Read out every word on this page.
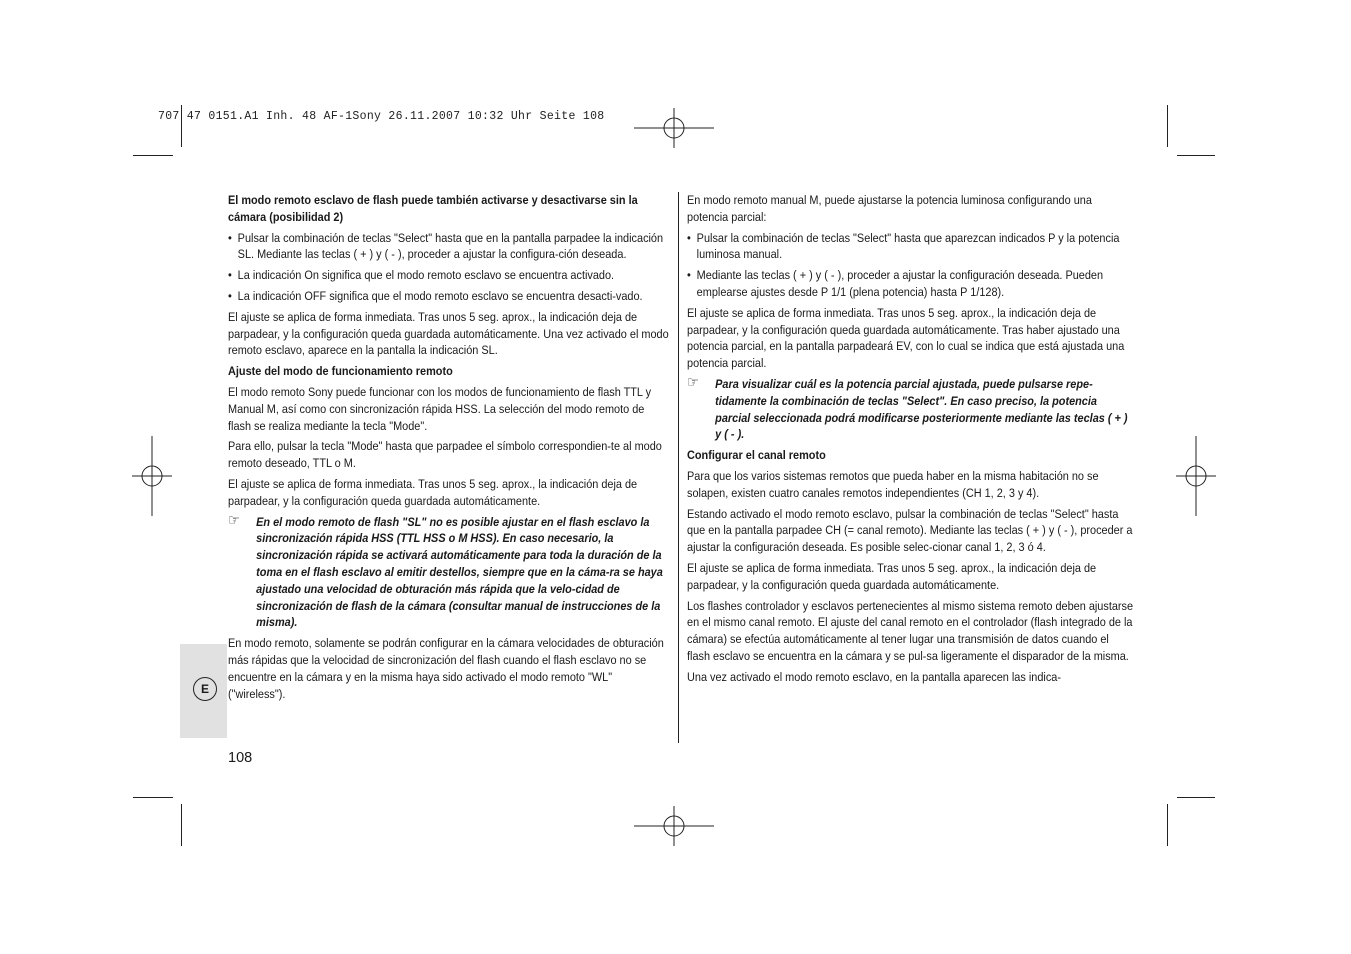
707 47 0151.A1 Inh. 48 AF-1Sony 26.11.2007 10:32 Uhr Seite 108
E

El modo remoto esclavo de flash puede también activarse y desactivarse sin la cámara (posibilidad 2)

• Pulsar la combinación de teclas "Select" hasta que en la pantalla parpadee la indicación SL. Mediante las teclas ( + ) y ( - ), proceder a ajustar la configura-ción deseada.

• La indicación On significa que el modo remoto esclavo se encuentra activado.

• La indicación OFF significa que el modo remoto esclavo se encuentra desacti-vado.

El ajuste se aplica de forma inmediata. Tras unos 5 seg. aprox., la indicación deja de parpadear, y la configuración queda guardada automáticamente. Una vez activado el modo remoto esclavo, aparece en la pantalla la indicación SL.

Ajuste del modo de funcionamiento remoto

El modo remoto Sony puede funcionar con los modos de funcionamiento de flash TTL y Manual M, así como con sincronización rápida HSS. La selección del modo remoto de flash se realiza mediante la tecla "Mode".

Para ello, pulsar la tecla "Mode" hasta que parpadee el símbolo correspondien-te al modo remoto deseado, TTL o M.

El ajuste se aplica de forma inmediata. Tras unos 5 seg. aprox., la indicación deja de parpadear, y la configuración queda guardada automáticamente.

☞ En el modo remoto de flash "SL" no es posible ajustar en el flash esclavo la sincronización rápida HSS (TTL HSS o M HSS). En caso necesario, la sincronización rápida se activará automáticamente para toda la duración de la toma en el flash esclavo al emitir destellos, siempre que en la cáma-ra se haya ajustado una velocidad de obturación más rápida que la velo-cidad de sincronización de flash de la cámara (consultar manual de instrucciones de la misma).

En modo remoto, solamente se podrán configurar en la cámara velocidades de obturación más rápidas que la velocidad de sincronización del flash cuando el flash esclavo no se encuentre en la cámara y en la misma haya sido activado el modo remoto "WL" ("wireless").

En modo remoto manual M, puede ajustarse la potencia luminosa configurando una potencia parcial:

• Pulsar la combinación de teclas "Select" hasta que aparezcan indicados P y la potencia luminosa manual.

• Mediante las teclas ( + ) y ( - ), proceder a ajustar la configuración deseada. Pueden emplearse ajustes desde P 1/1 (plena potencia) hasta P 1/128).

El ajuste se aplica de forma inmediata. Tras unos 5 seg. aprox., la indicación deja de parpadear, y la configuración queda guardada automáticamente. Tras haber ajustado una potencia parcial, en la pantalla parpadeará EV, con lo cual se indica que está ajustada una potencia parcial.

☞ Para visualizar cuál es la potencia parcial ajustada, puede pulsarse repe-tidamente la combinación de teclas "Select". En caso preciso, la potencia parcial seleccionada podrá modificarse posteriormente mediante las teclas ( + ) y ( - ).

Configurar el canal remoto

Para que los varios sistemas remotos que pueda haber en la misma habitación no se solapen, existen cuatro canales remotos independientes (CH 1, 2, 3 y 4).

Estando activado el modo remoto esclavo, pulsar la combinación de teclas "Select" hasta que en la pantalla parpadee CH (= canal remoto). Mediante las teclas ( + ) y ( - ), proceder a ajustar la configuración deseada. Es posible selec-cionar canal 1, 2, 3 ó 4.

El ajuste se aplica de forma inmediata. Tras unos 5 seg. aprox., la indicación deja de parpadear, y la configuración queda guardada automáticamente.

Los flashes controlador y esclavos pertenecientes al mismo sistema remoto deben ajustarse en el mismo canal remoto. El ajuste del canal remoto en el controlador (flash integrado de la cámara) se efectúa automáticamente al tener lugar una transmisión de datos cuando el flash esclavo se encuentra en la cámara y se pul-sa ligeramente el disparador de la misma.

Una vez activado el modo remoto esclavo, en la pantalla aparecen las indica-

108
